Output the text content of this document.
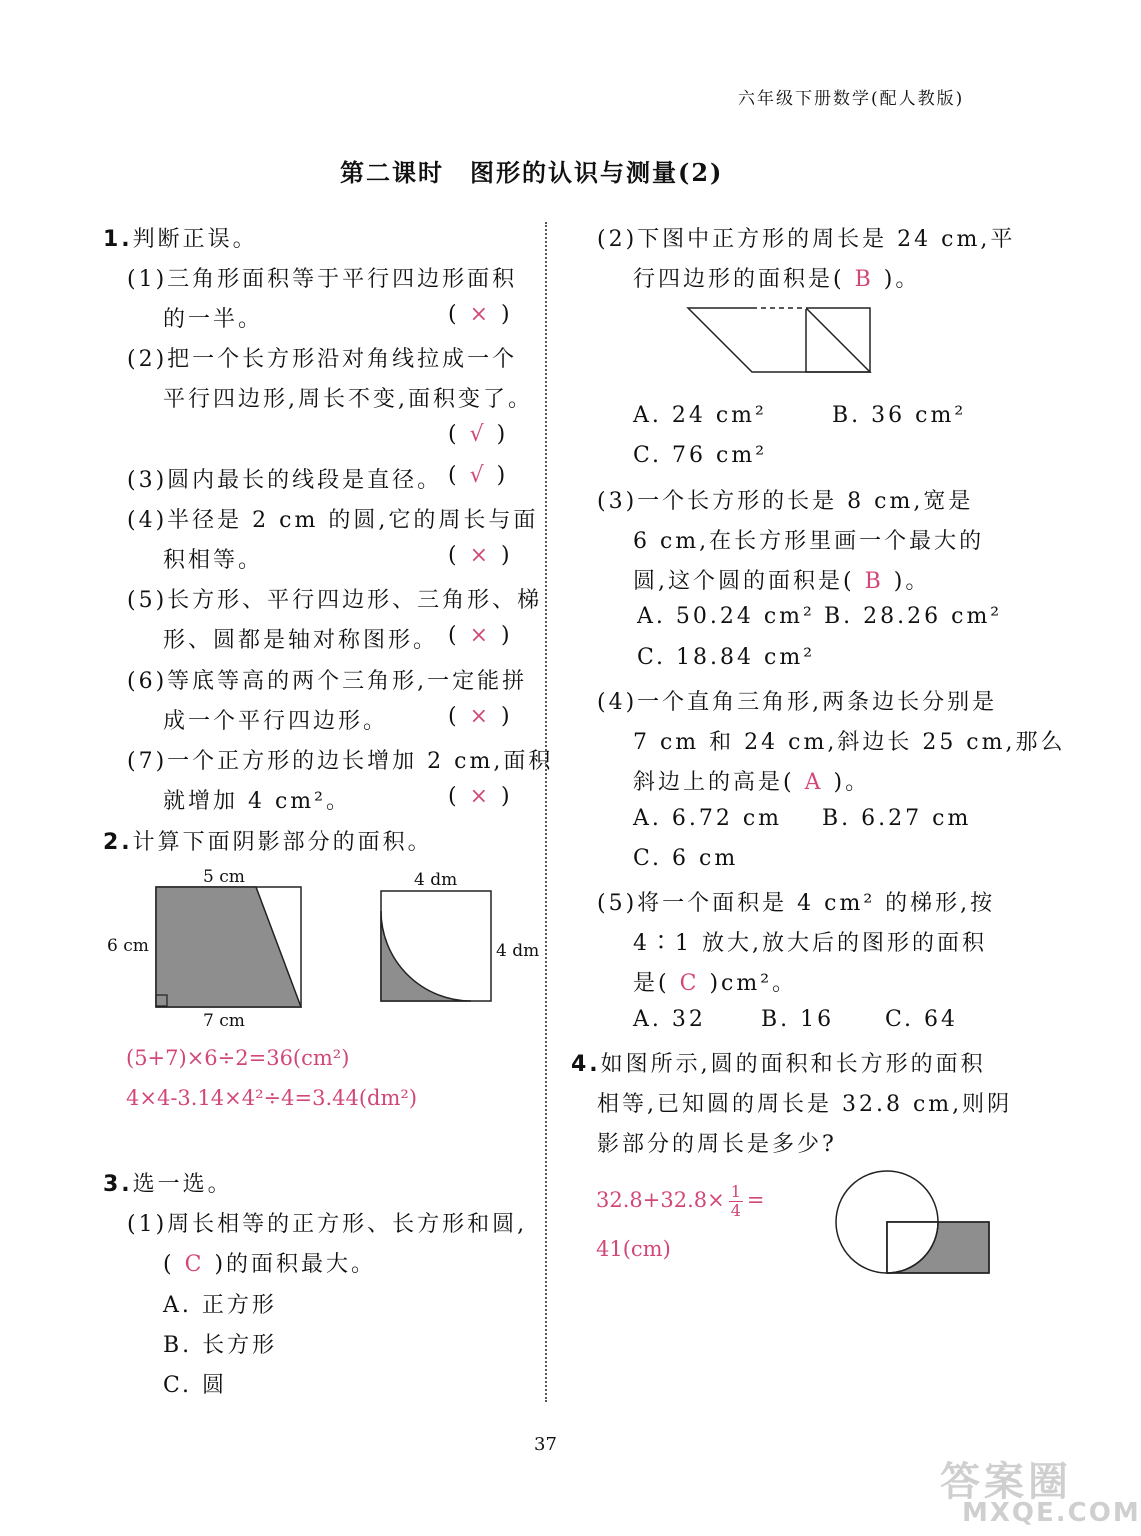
六年级下册数学(配人教版)
第二课时　图形的认识与测量(2)
1.判断正误。
(1)三角形面积等于平行四边形面积
的一半。	( × )
(2)把一个长方形沿对角线拉成一个
平行四边形,周长不变,面积变了。
( √ )
(3)圆内最长的线段是直径。 ( √ )
(4)半径是 2 cm 的圆,它的周长与面
积相等。	( × )
(5)长方形、平行四边形、三角形、梯
形、圆都是轴对称图形。 ( × )
(6)等底等高的两个三角形,一定能拼
成一个平行四边形。	( × )
(7)一个正方形的边长增加 2 cm,面积
就增加 4 cm²。	( × )
2.计算下面阴影部分的面积。
5 cm
6 cm
7 cm
4 dm
4 dm
(5+7)×6÷2=36(cm²)
4×4-3.14×4²÷4=3.44(dm²)
3.选一选。
(1)周长相等的正方形、长方形和圆,
( C )的面积最大。
A. 正方形
B. 长方形
C. 圆
(2)下图中正方形的周长是 24 cm,平
行四边形的面积是( B )。
A. 24 cm²	B. 36 cm²
C. 76 cm²
(3)一个长方形的长是 8 cm,宽是
6 cm,在长方形里画一个最大的
圆,这个圆的面积是( B )。
A. 50.24 cm² B. 28.26 cm²
C. 18.84 cm²
(4)一个直角三角形,两条边长分别是
7 cm 和 24 cm,斜边长 25 cm,那么
斜边上的高是( A )。
A. 6.72 cm B. 6.27 cm
C. 6 cm
(5)将一个面积是 4 cm² 的梯形,按
4∶1 放大,放大后的图形的面积
是( C )cm²。
A. 32	B. 16 C. 64
4.如图所示,圆的面积和长方形的面积
相等,已知圆的周长是 32.8 cm,则阴
影部分的周长是多少?
$32.8+32.8\times \frac{1}{4}$ =
41(cm)
37
答案圈
MXQE.COM
